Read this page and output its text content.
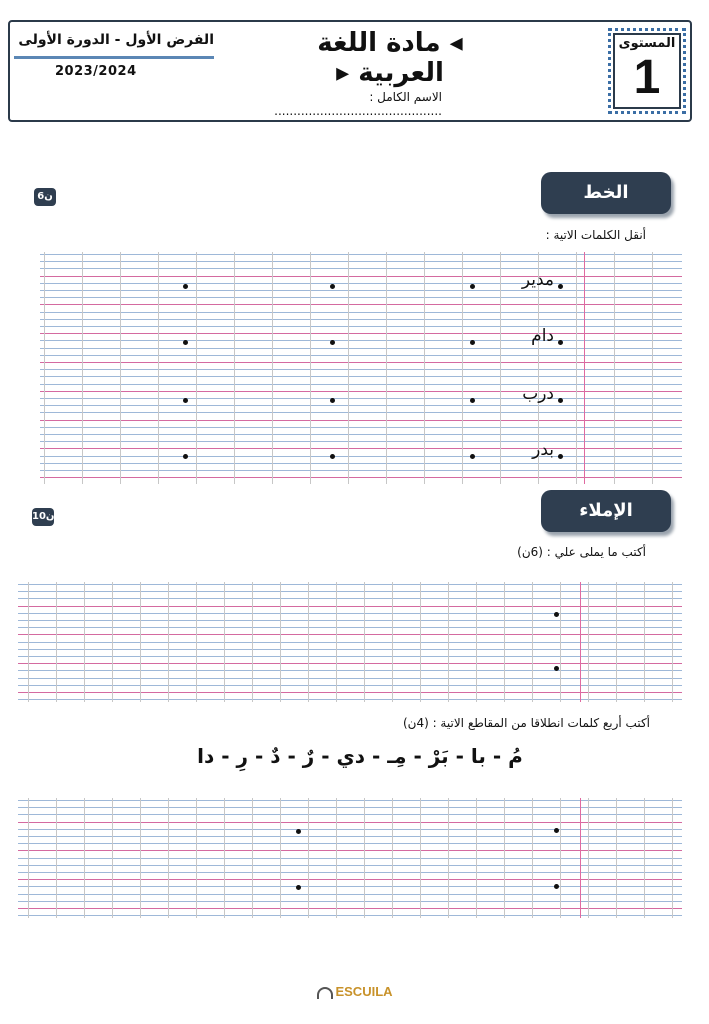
الفرض الأول - الدورة الأولى
2023/2024
◂ مادة اللغة العربية ▸
الاسم الكامل : ............................................
المستوى
1
الخط
6ن
أنقل الكلمات الاتية :
مدير
دام
درب
بدر
الإملاء
10ن
أكتب ما يملى علي : (6ن)
أكتب أربع كلمات انطلاقا من المقاطع الاتية : (4ن)
مُ - با - بَرْ - مِـ - دي - رٌ - دٌ - رِ - دا
ESCUILA
